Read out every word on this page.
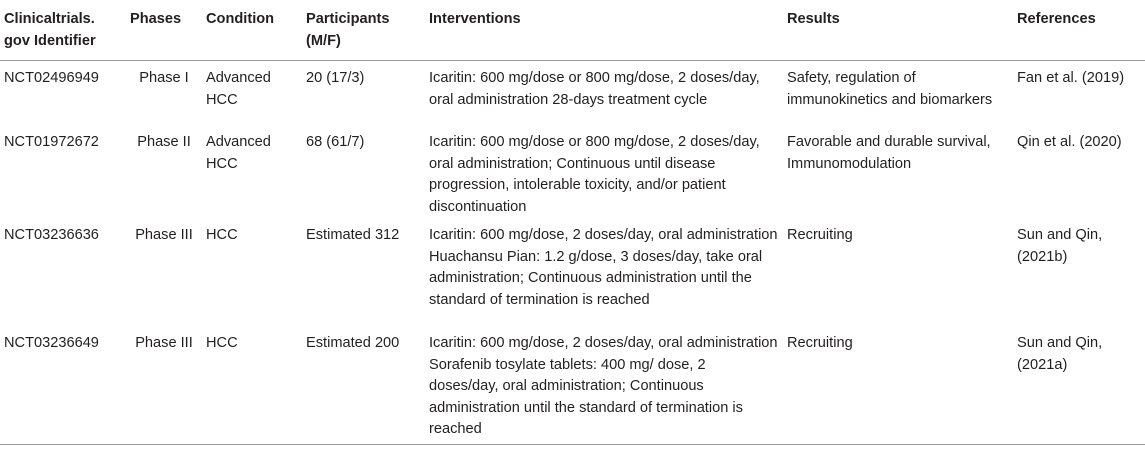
Clinicaltrials. gov Identifier	Phases	Condition	Participants (M/F)	Interventions	Results	References
NCT02496949	Phase I	Advanced HCC	20 (17/3)	Icaritin: 600 mg/dose or 800 mg/dose, 2 doses/day, oral administration 28-days treatment cycle	Safety, regulation of immunokinetics and biomarkers	Fan et al. (2019)
NCT01972672	Phase II	Advanced HCC	68 (61/7)	Icaritin: 600 mg/dose or 800 mg/dose, 2 doses/day, oral administration; Continuous until disease progression, intolerable toxicity, and/or patient discontinuation	Favorable and durable survival, Immunomodulation	Qin et al. (2020)
NCT03236636	Phase III	HCC	Estimated 312	Icaritin: 600 mg/dose, 2 doses/day, oral administration Huachansu Pian: 1.2 g/dose, 3 doses/day, take oral administration; Continuous administration until the standard of termination is reached	Recruiting	Sun and Qin, (2021b)
NCT03236649	Phase III	HCC	Estimated 200	Icaritin: 600 mg/dose, 2 doses/day, oral administration Sorafenib tosylate tablets: 400 mg/ dose, 2 doses/day, oral administration; Continuous administration until the standard of termination is reached	Recruiting	Sun and Qin, (2021a)
